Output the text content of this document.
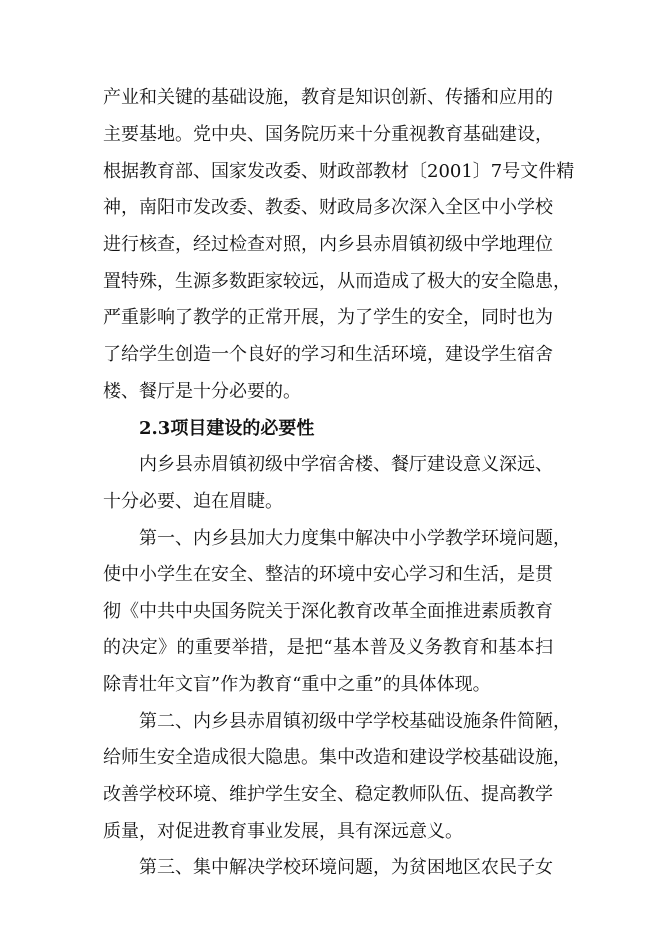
产业和关键的基础设施，教育是知识创新、传播和应用的
主要基地。党中央、国务院历来十分重视教育基础建设，
根据教育部、国家发改委、财政部教材〔2001〕7号文件精
神，南阳市发改委、教委、财政局多次深入全区中小学校
进行核查，经过检查对照，内乡县赤眉镇初级中学地理位
置特殊，生源多数距家较远，从而造成了极大的安全隐患，
严重影响了教学的正常开展，为了学生的安全，同时也为
了给学生创造一个良好的学习和生活环境，建设学生宿舍
楼、餐厅是十分必要的。
2.3项目建设的必要性
内乡县赤眉镇初级中学宿舍楼、餐厅建设意义深远、
十分必要、迫在眉睫。
第一、内乡县加大力度集中解决中小学教学环境问题，
使中小学生在安全、整洁的环境中安心学习和生活，是贯
彻《中共中央国务院关于深化教育改革全面推进素质教育
的决定》的重要举措，是把“基本普及义务教育和基本扫
除青壮年文盲”作为教育“重中之重”的具体体现。
第二、内乡县赤眉镇初级中学学校基础设施条件简陋，
给师生安全造成很大隐患。集中改造和建设学校基础设施，
改善学校环境、维护学生安全、稳定教师队伍、提高教学
质量，对促进教育事业发展，具有深远意义。
第三、集中解决学校环境问题，为贫困地区农民子女
